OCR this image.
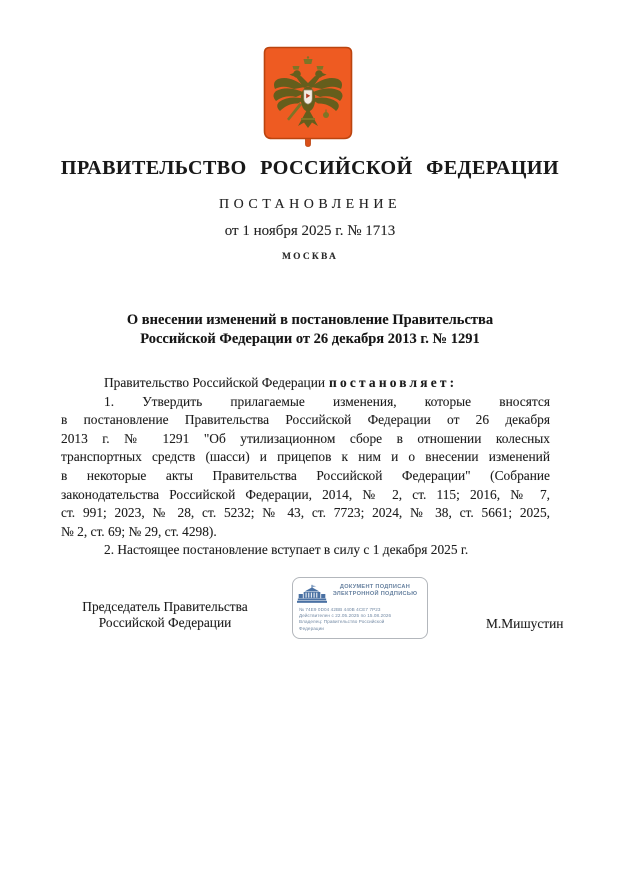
ПРАВИТЕЛЬСТВО РОССИЙСКОЙ ФЕДЕРАЦИИ
ПОСТАНОВЛЕНИЕ
от 1 ноября 2025 г. № 1713
МОСКВА
О внесении изменений в постановление Правительства
Российской Федерации от 26 декабря 2013 г. № 1291
Правительство Российской Федерации постановляет:
1. Утвердить прилагаемые изменения, которые вносятся
в постановление Правительства Российской Федерации от 26 декабря
2013 г. № 1291 "Об утилизационном сборе в отношении колесных
транспортных средств (шасси) и прицепов к ним и о внесении изменений
в некоторые акты Правительства Российской Федерации" (Собрание
законодательства Российской Федерации, 2014, № 2, ст. 115; 2016, № 7,
ст. 991; 2023, № 28, ст. 5232; № 43, ст. 7723; 2024, № 38, ст. 5661; 2025,
№ 2, ст. 69; № 29, ст. 4298).
2. Настоящее постановление вступает в силу с 1 декабря 2025 г.
Председатель Правительства
Российской Федерации
ДОКУМЕНТ ПОДПИСАН
ЭЛЕКТРОННОЙ ПОДПИСЬЮ
№ 74Е9 0D04 42ВВ 440В 4СЕ7 7Р23
Действителен с 22.05.2025 по 15.08.2026
Владелец: Правительство Российской
Федерации	М.Мишустин
